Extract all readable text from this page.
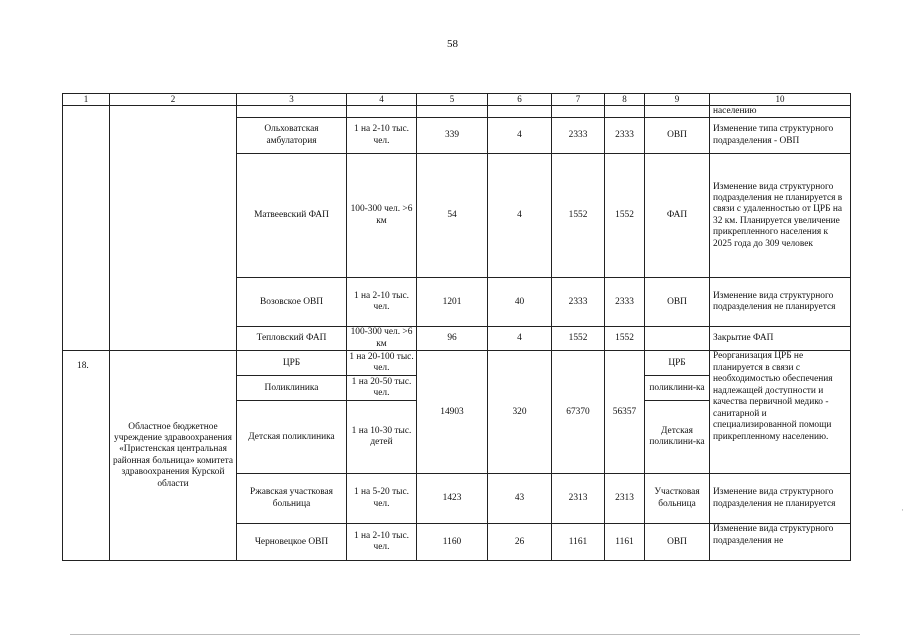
58
1	2	3	4	5	6	7	8	9	10
									населению
		Ольховатская амбулатория	1 на 2-10 тыс. чел.	339	4	2333	2333	ОВП	Изменение типа структурного подразделения - ОВП
		Матвеевский ФАП	100-300 чел. >6 км	54	4	1552	1552	ФАП	Изменение вида структурного подразделения не планируется в связи с удаленностью от ЦРБ на 32 км. Планируется увеличение прикрепленного населения к 2025 года до 309 человек
		Возовское ОВП	1 на 2-10 тыс. чел.	1201	40	2333	2333	ОВП	Изменение вида структурного подразделения не планируется
		Тепловский ФАП	100-300 чел. >6 км	96	4	1552	1552		Закрытие ФАП
18.	Областное бюджетное учреждение здравоохранения «Пристенская центральная районная больница» комитета здравоохранения Курской области	ЦРБ	1 на 20-100 тыс. чел.	14903	320	67370	56357	ЦРБ	Реорганизация ЦРБ не планируется в связи с необходимостью обеспечения надлежащей доступности и качества первичной медико - санитарной и специализированной помощи прикрепленному населению.
		Поликлиника	1 на 20-50 тыс. чел.					поликлини-ка	
		Детская поликлиника	1 на 10-30 тыс. детей					Детская поликлини-ка	
		Ржавская участковая больница	1 на 5-20 тыс. чел.	1423	43	2313	2313	Участковая больница	Изменение вида структурного подразделения не планируется
		Черновецкое ОВП	1 на 2-10 тыс. чел.	1160	26	1161	1161	ОВП	Изменение вида структурного подразделения не
·
